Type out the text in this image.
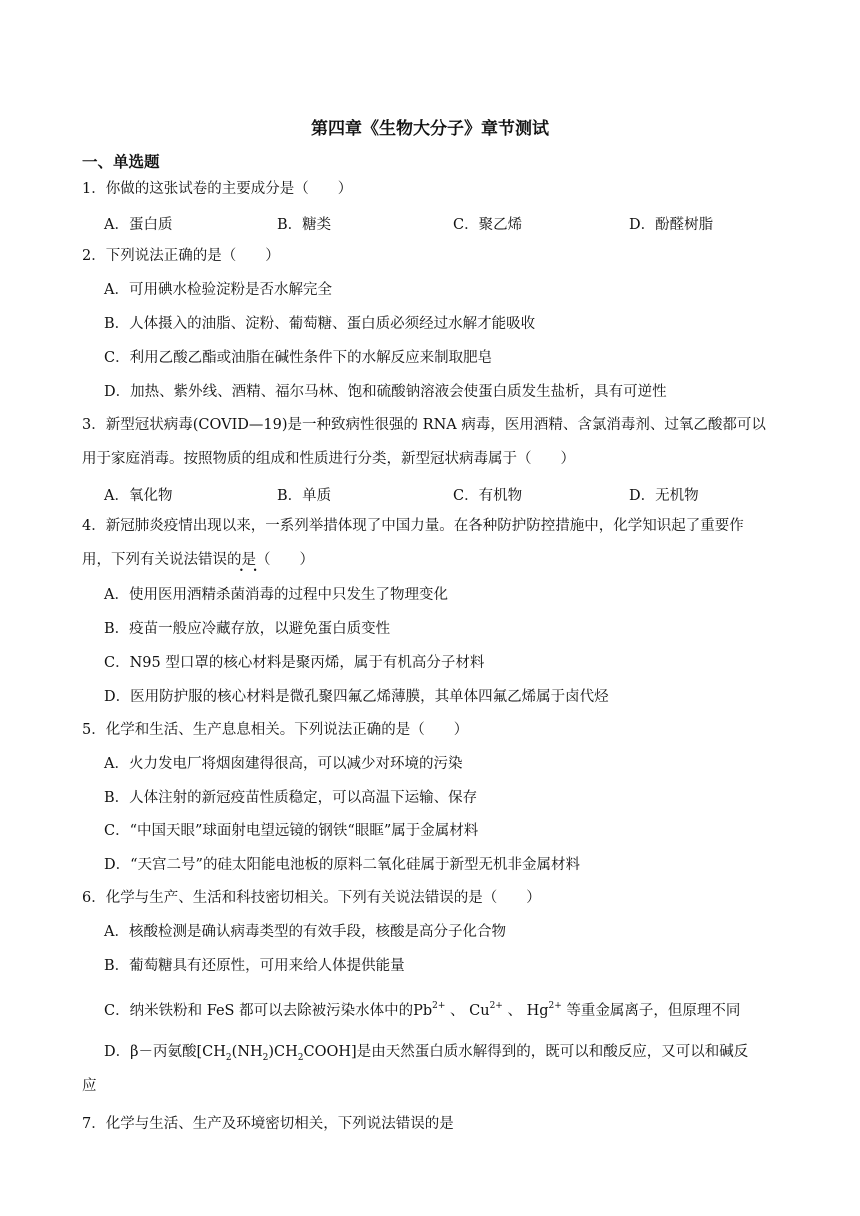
第四章《生物大分子》章节测试
一、单选题
1．你做的这张试卷的主要成分是（　　）
A．蛋白质	B．糖类	C．聚乙烯	D．酚醛树脂
2．下列说法正确的是（　　）
A．可用碘水检验淀粉是否水解完全
B．人体摄入的油脂、淀粉、葡萄糖、蛋白质必须经过水解才能吸收
C．利用乙酸乙酯或油脂在碱性条件下的水解反应来制取肥皂
D．加热、紫外线、酒精、福尔马林、饱和硫酸钠溶液会使蛋白质发生盐析，具有可逆性
3．新型冠状病毒(COVID—19)是一种致病性很强的 RNA 病毒，医用酒精、含氯消毒剂、过氧乙酸都可以
用于家庭消毒。按照物质的组成和性质进行分类，新型冠状病毒属于（　　）
A．氧化物	B．单质	C．有机物	D．无机物
4．新冠肺炎疫情出现以来，一系列举措体现了中国力量。在各种防护防控措施中，化学知识起了重要作
用，下列有关说法错误的是（　　）
••
A．使用医用酒精杀菌消毒的过程中只发生了物理变化
B．疫苗一般应冷藏存放，以避免蛋白质变性
C．N95 型口罩的核心材料是聚丙烯，属于有机高分子材料
D．医用防护服的核心材料是微孔聚四氟乙烯薄膜，其单体四氟乙烯属于卤代烃
5．化学和生活、生产息息相关。下列说法正确的是（　　）
A．火力发电厂将烟囱建得很高，可以减少对环境的污染
B．人体注射的新冠疫苗性质稳定，可以高温下运输、保存
C．“中国天眼”球面射电望远镜的钢铁“眼眶”属于金属材料
D．“天宫二号”的硅太阳能电池板的原料二氧化硅属于新型无机非金属材料
6．化学与生产、生活和科技密切相关。下列有关说法错误的是（　　）
A．核酸检测是确认病毒类型的有效手段，核酸是高分子化合物
B．葡萄糖具有还原性，可用来给人体提供能量
C．纳米铁粉和 FeS 都可以去除被污染水体中的$Pb^{2+}$ 、 $Cu^{2+}$ 、 $Hg^{2+}$ 等重金属离子，但原理不同
D．β－丙氨酸$[CH_2(NH_2)CH_2COOH]$是由天然蛋白质水解得到的，既可以和酸反应，又可以和碱反
应
7．化学与生活、生产及环境密切相关，下列说法错误的是
